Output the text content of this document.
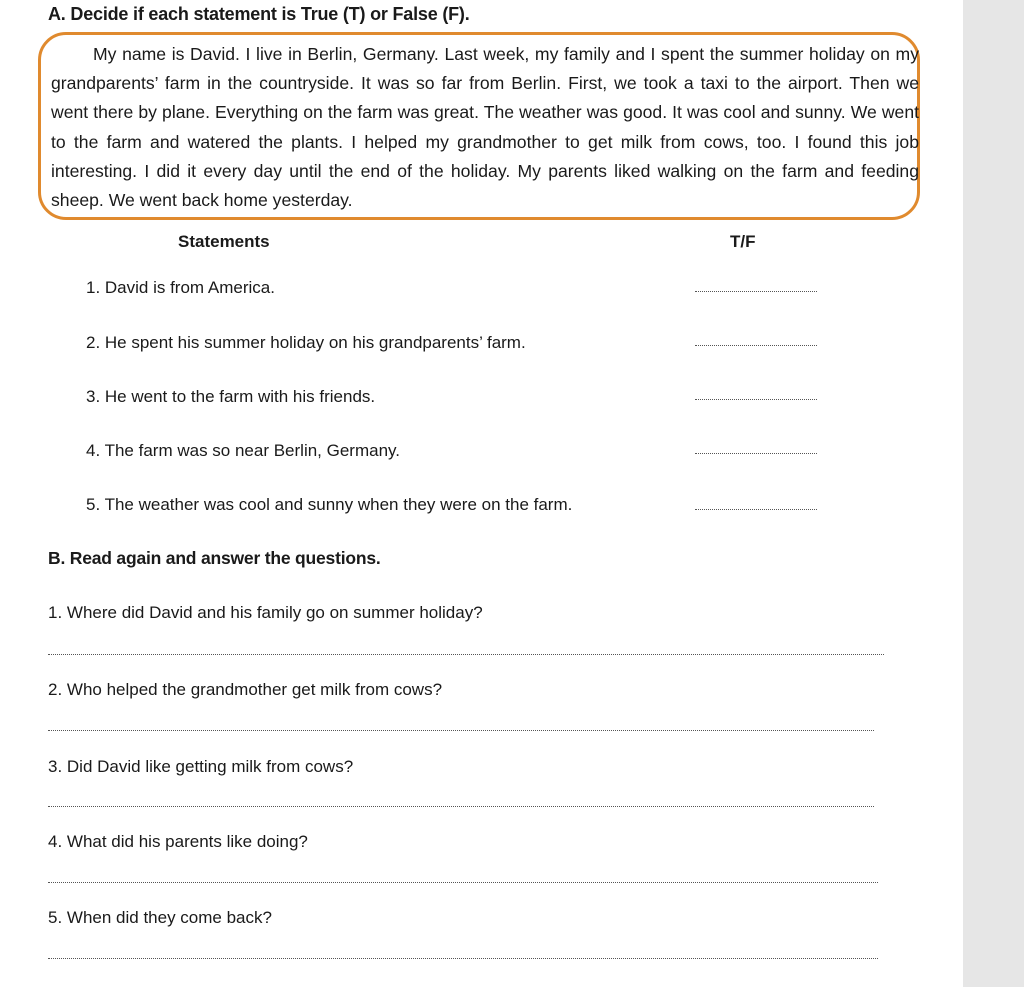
A. Decide if each statement is True (T) or False (F).

My name is David. I live in Berlin, Germany. Last week, my family and I spent the summer holiday on my grandparents’ farm in the countryside. It was so far from Berlin. First, we took a taxi to the airport. Then we went there by plane. Everything on the farm was great. The weather was good. It was cool and sunny. We went to the farm and watered the plants. I helped my grandmother to get milk from cows, too. I found this job interesting. I did it every day until the end of the holiday. My parents liked walking on the farm and feeding sheep. We went back home yesterday.

Statements	T/F
1. David is from America.
2. He spent his summer holiday on his grandparents’ farm.
3. He went to the farm with his friends.
4. The farm was so near Berlin, Germany.
5. The weather was cool and sunny when they were on the farm.
B. Read again and answer the questions.
1. Where did David and his family go on summer holiday?
2. Who helped the grandmother get milk from cows?
3. Did David like getting milk from cows?
4. What did his parents like doing?
5. When did they come back?
